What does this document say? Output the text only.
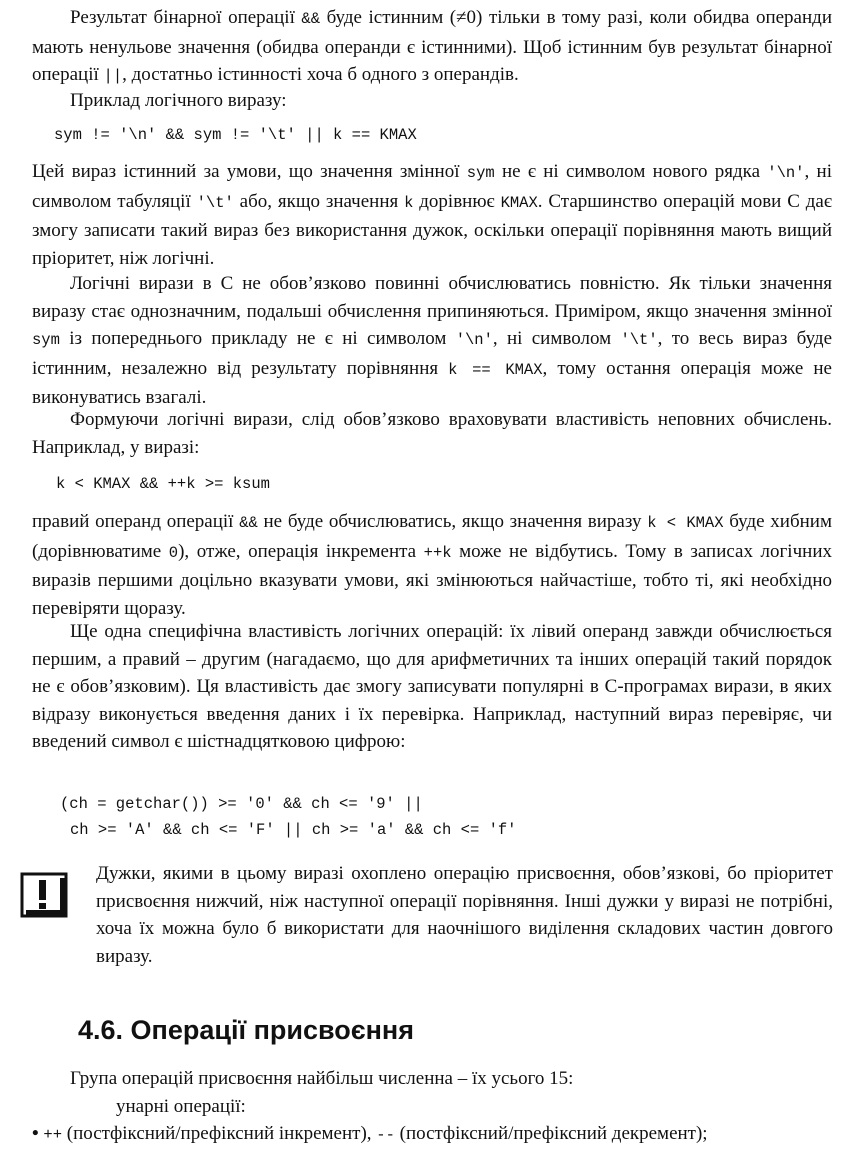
Результат бінарної операції && буде істинним (≠0) тільки в тому разі, коли обидва операнди мають ненульове значення (обидва операнди є істинними). Щоб істинним був результат бінарної операції ||, достатньо істинності хоча б одного з операндів.

Приклад логічного виразу:

sym != '\n' && sym != '\t' || k == KMAX

Цей вираз істинний за умови, що значення змінної sym не є ні символом нового рядка '\n', ні символом табуляції '\t' або, якщо значення k дорівнює KMAX. Старшинство операцій мови С дає змогу записати такий вираз без використання дужок, оскільки операції порівняння мають вищий пріоритет, ніж логічні.

Логічні вирази в С не обов’язково повинні обчислюватись повністю. Як тільки значення виразу стає однозначним, подальші обчислення припиняються. Приміром, якщо значення змінної sym із попереднього прикладу не є ні символом '\n', ні символом '\t', то весь вираз буде істинним, незалежно від результату порівняння k == KMAX, тому остання операція може не виконуватись взагалі.

Формуючи логічні вирази, слід обов’язково враховувати властивість неповних обчислень. Наприклад, у виразі:

k < KMAX && ++k >= ksum

правий операнд операції && не буде обчислюватись, якщо значення виразу k < KMAX буде хибним (дорівнюватиме 0), отже, операція інкремента ++k може не відбутись. Тому в записах логічних виразів першими доцільно вказувати умови, які змінюються найчастіше, тобто ті, які необхідно перевіряти щоразу.

Ще одна специфічна властивість логічних операцій: їх лівий операнд завжди обчислюється першим, а правий – другим (нагадаємо, що для арифметичних та інших операцій такий порядок не є обов’язковим). Ця властивість дає змогу записувати популярні в С-програмах вирази, в яких відразу виконується введення даних і їх перевірка. Наприклад, наступний вираз перевіряє, чи введений символ є шістнадцятковою цифрою:

(ch = getchar()) >= '0' && ch <= '9' ||

ch >= 'A' && ch <= 'F' || ch >= 'a' && ch <= 'f'

Дужки, якими в цьому виразі охоплено операцію присвоєння, обов’язкові, бо пріоритет присвоєння нижчий, ніж наступної операції порівняння. Інші дужки у виразі не потрібні, хоча їх можна було б використати для наочнішого виділення складових частин довгого виразу.

4.6. Операції присвоєння

Група операцій присвоєння найбільш численна – їх усього 15:

унарні операції:

• ++ (постфіксний/префіксний інкремент), -- (постфіксний/префіксний декремент);
